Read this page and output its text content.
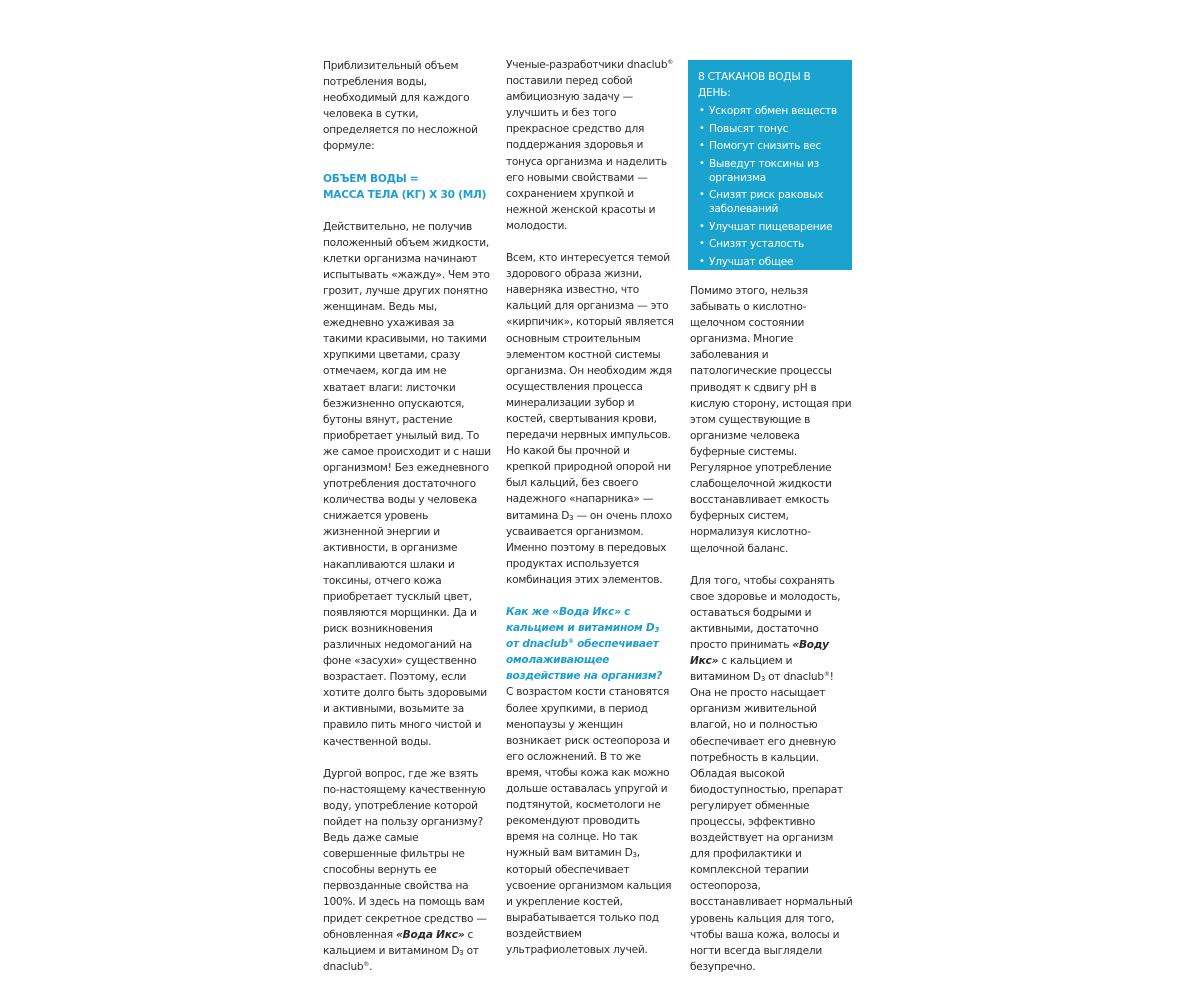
Приблизительный объем потребления воды, необходимый для каждого человека в сутки, определяется по несложной формуле:

ОБЪЕМ ВОДЫ =
МАССА ТЕЛА (КГ) X 30 (МЛ)

Действительно, не получив положенный объем жидкости, клетки организма начинают испытывать «жажду». Чем это грозит, лучше других понятно женщинам. Ведь мы, ежедневно ухаживая за такими красивыми, но такими хрупкими цветами, сразу отмечаем, когда им не хватает влаги: листочки безжизненно опускаются, бутоны вянут, растение приобретает унылый вид. То же самое происходит и с наши организмом! Без ежедневного употребления достаточного количества воды у человека снижается уровень жизненной энергии и активности, в организме накапливаются шлаки и токсины, отчего кожа приобретает тусклый цвет, появляются морщинки. Да и риск возникновения различных недомоганий на фоне «засухи» существенно возрастает. Поэтому, если хотите долго быть здоровыми и активными, возьмите за правило пить много чистой и качественной воды.

Дургой вопрос, где же взять по-настоящему качественную воду, употребление которой пойдет на пользу организму? Ведь даже самые совершенные фильтры не способны вернуть ее первозданные свойства на 100%. И здесь на помощь вам придет секретное средство — обновленная «Вода Икс» с кальцием и витамином $D_3$ от dnaclub®.

Ученые-разработчики dnaclub® поставили перед собой амбициозную задачу — улучшить и без того прекрасное средство для поддержания здоровья и тонуса организма и наделить его новыми свойствами — сохранением хрупкой и нежной женской красоты и молодости.

Всем, кто интересуется темой здорового образа жизни, наверняка известно, что кальций для организма — это «кирпичик», который является основным строительным элементом костной системы организма. Он необходим ждя осуществления процесса минерализации зубор и костей, свертывания крови, передачи нервных импульсов. Но какой бы прочной и крепкой природной опорой ни был кальций, без своего надежного «напарника» — витамина $D_3$ — он очень плохо усваивается организмом. Именно поэтому в передовых продуктах используется комбинация этих элементов.

Как же «Вода Икс» с кальцием и витамином $D_3$ от dnaclub® обеспечивает омолаживающее воздействие на организм?

С возрастом кости становятся более хрупкими, в период менопаузы у женщин возникает риск остеопороза и его осложнений. В то же время, чтобы кожа как можно дольше оставалась упругой и подтянутой, косметологи не рекомендуют проводить время на солнце. Но так нужный вам витамин $D_3$, который обеспечивает усвоение организмом кальция и укрепление костей, вырабатывается только под воздействием ультрафиолетовых лучей.

8 СТАКАНОВ ВОДЫ В ДЕНЬ:
• Ускорят обмен веществ
• Повысят тонус
• Помогут снизить вес
• Выведут токсины из организма
• Снизят риск раковых заболеваний
• Улучшат пищеварение
• Снизят усталость
• Улучшат общее состояние здоровья

Помимо этого, нельзя забывать о кислотно-щелочном состоянии организма. Многие заболевания и патологические процессы приводят к сдвигу pH в кислую сторону, истощая при этом существующие в организме человека буферные системы. Регулярное употребление слабощелочной жидкости восстанавливает емкость буферных систем, нормализуя кислотно-щелочной баланс.

Для того, чтобы сохранять свое здоровье и молодость, оставаться бодрыми и активными, достаточно просто принимать «Воду Икс» с кальцием и витамином $D_3$ от dnaclub®! Она не просто насыщает организм живительной влагой, но и полностью обеспечивает его дневную потребность в кальции. Обладая высокой биодоступностью, препарат регулирует обменные процессы, эффективно воздействует на организм для профилактики и комплексной терапии остеопороза, восстанавливает нормальный уровень кальция для того, чтобы ваша кожа, волосы и ногти всегда выглядели безупречно.
